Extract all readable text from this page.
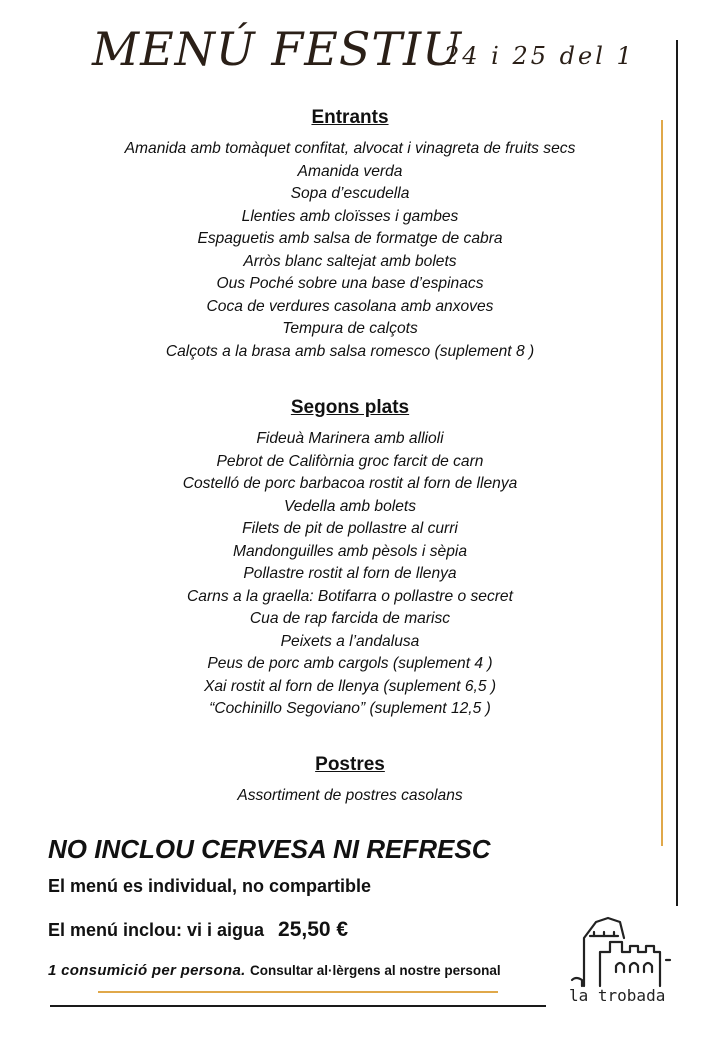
MENÚ FESTIU
24 i 25 del 1
Entrants
Amanida amb tomàquet confitat, alvocat i vinagreta de fruits secs
Amanida verda
Sopa d’escudella
Llenties amb cloïsses i gambes
Espaguetis amb salsa de formatge de cabra
Arròs blanc saltejat amb bolets
Ous Poché sobre una base d’espinacs
Coca de verdures casolana amb anxoves
Tempura de calçots
Calçots a la brasa amb salsa romesco (suplement 8 )
Segons plats
Fideuà Marinera amb allioli
Pebrot de Califòrnia groc farcit de carn
Costelló de porc barbacoa rostit al forn de llenya
Vedella amb bolets
Filets de pit de pollastre al curri
Mandonguilles amb pèsols i sèpia
Pollastre rostit al forn de llenya
Carns a la graella: Botifarra o pollastre o secret
Cua de rap farcida de marisc
Peixets a l’andalusa
Peus de porc amb cargols (suplement 4 )
Xai rostit al forn de llenya (suplement 6,5 )
“Cochinillo Segoviano” (suplement 12,5 )
Postres
Assortiment de postres casolans
NO INCLOU CERVESA NI REFRESC
El menú es individual, no compartible
El menú inclou: vi i aigua 25,50 €
1 consumició per persona. Consultar al·lèrgens al nostre personal
la trobada
